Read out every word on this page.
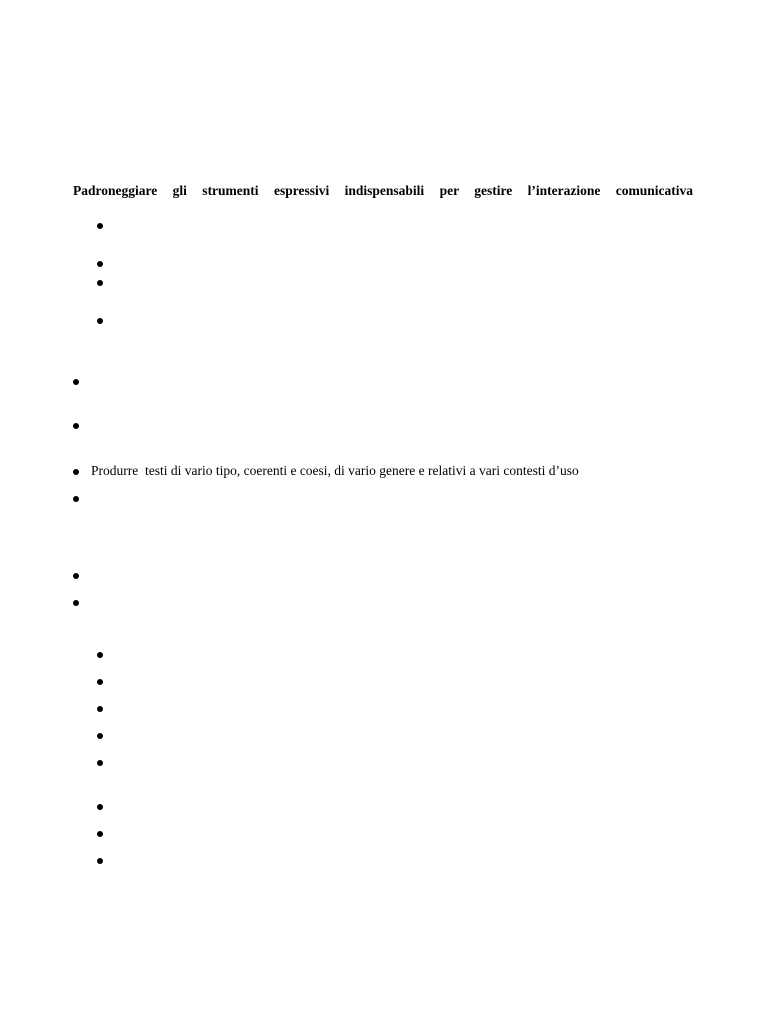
Padroneggiare gli strumenti espressivi indispensabili per gestire l’interazione comunicativa
Produrre  testi di vario tipo, coerenti e coesi, di vario genere e relativi a vari contesti d’uso
